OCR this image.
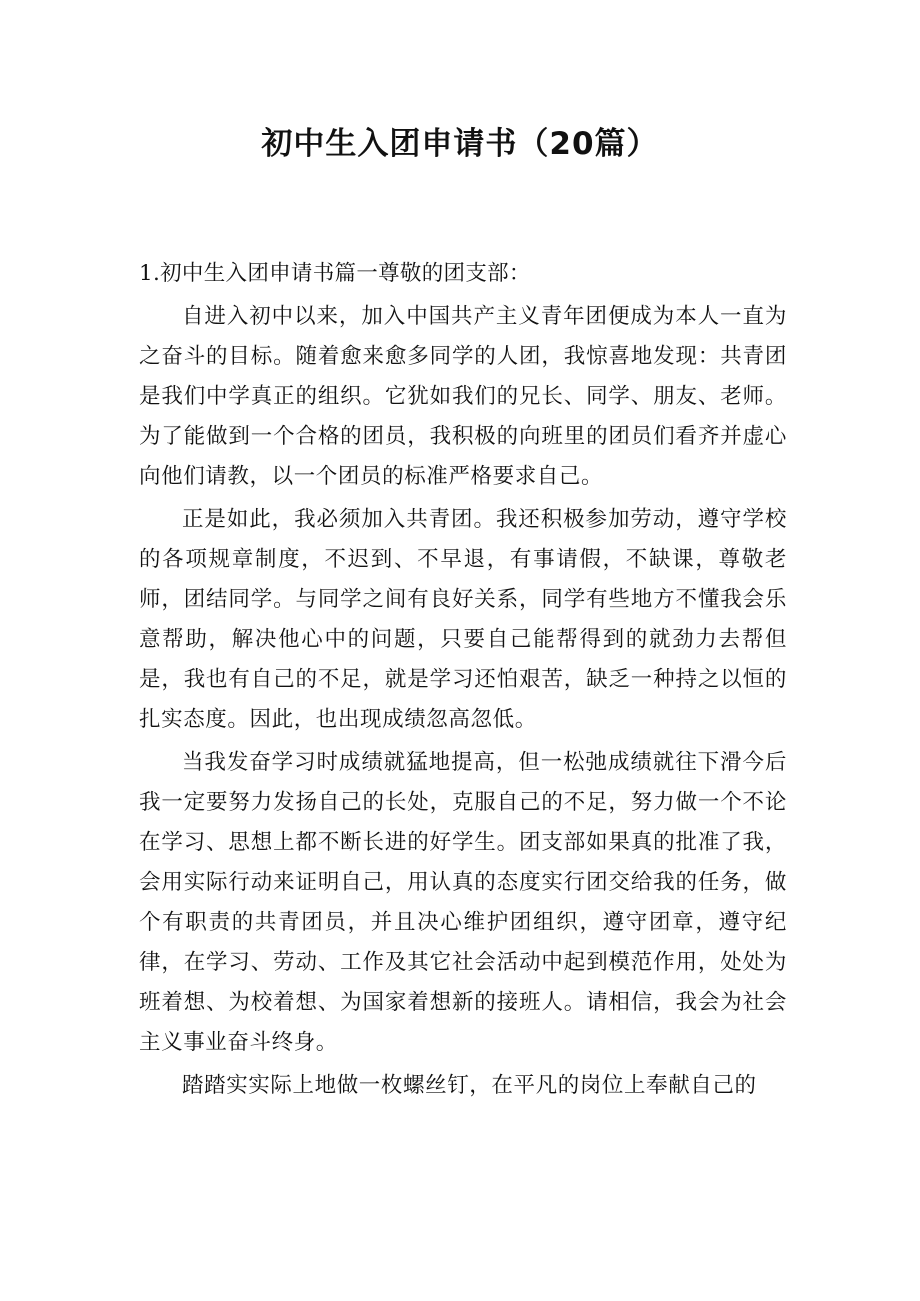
初中生入团申请书（20篇）

1.初中生入团申请书篇一尊敬的团支部：

自进入初中以来，加入中国共产主义青年团便成为本人一直为之奋斗的目标。随着愈来愈多同学的人团，我惊喜地发现：共青团是我们中学真正的组织。它犹如我们的兄长、同学、朋友、老师。为了能做到一个合格的团员，我积极的向班里的团员们看齐并虚心向他们请教，以一个团员的标准严格要求自己。

正是如此，我必须加入共青团。我还积极参加劳动，遵守学校的各项规章制度，不迟到、不早退，有事请假，不缺课，尊敬老师，团结同学。与同学之间有良好关系，同学有些地方不懂我会乐意帮助，解决他心中的问题，只要自己能帮得到的就劲力去帮但是，我也有自己的不足，就是学习还怕艰苦，缺乏一种持之以恒的扎实态度。因此，也出现成绩忽高忽低。

当我发奋学习时成绩就猛地提高，但一松弛成绩就往下滑今后我一定要努力发扬自己的长处，克服自己的不足，努力做一个不论在学习、思想上都不断长进的好学生。团支部如果真的批准了我，会用实际行动来证明自己，用认真的态度实行团交给我的任务，做个有职责的共青团员，并且决心维护团组织，遵守团章，遵守纪律，在学习、劳动、工作及其它社会活动中起到模范作用，处处为班着想、为校着想、为国家着想新的接班人。请相信，我会为社会主义事业奋斗终身。

踏踏实实际上地做一枚螺丝钉，在平凡的岗位上奉献自己的
